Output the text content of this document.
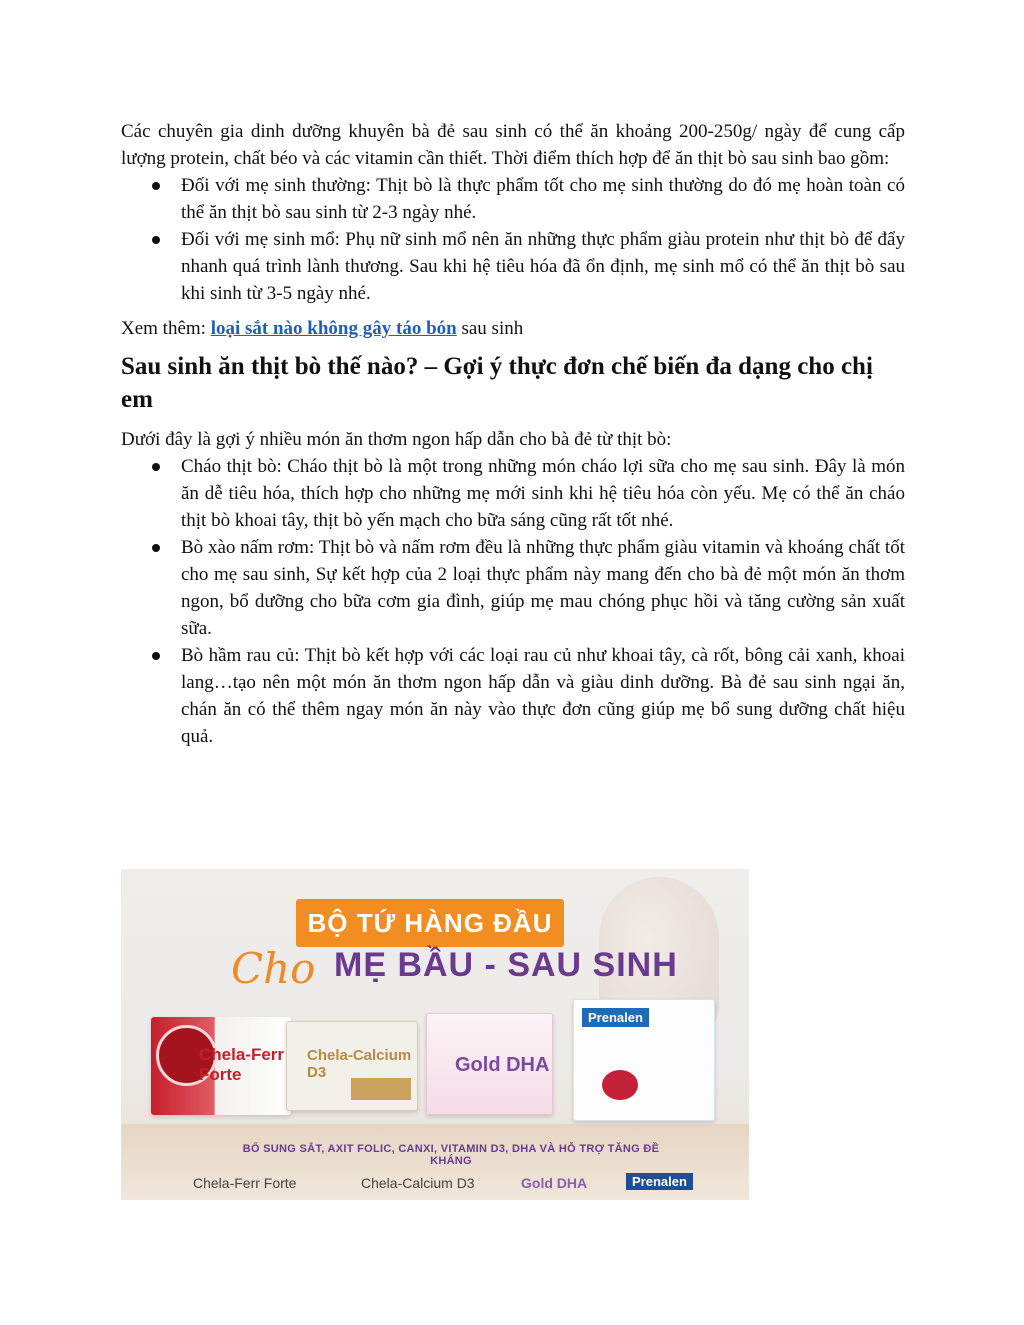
Các chuyên gia dinh dưỡng khuyên bà đẻ sau sinh có thể ăn khoảng 200-250g/ ngày để cung cấp lượng protein, chất béo và các vitamin cần thiết. Thời điểm thích hợp để ăn thịt bò sau sinh bao gồm:

Đối với mẹ sinh thường: Thịt bò là thực phẩm tốt cho mẹ sinh thường do đó mẹ hoàn toàn có thể ăn thịt bò sau sinh từ 2-3 ngày nhé.
Đối với mẹ sinh mổ: Phụ nữ sinh mổ nên ăn những thực phẩm giàu protein như thịt bò để đẩy nhanh quá trình lành thương. Sau khi hệ tiêu hóa đã ổn định, mẹ sinh mổ có thể ăn thịt bò sau khi sinh từ 3-5 ngày nhé.
Xem thêm: loại sắt nào không gây táo bón sau sinh
Sau sinh ăn thịt bò thế nào? – Gợi ý thực đơn chế biến đa dạng cho chị em

Dưới đây là gợi ý nhiều món ăn thơm ngon hấp dẫn cho bà đẻ từ thịt bò:

Cháo thịt bò: Cháo thịt bò là một trong những món cháo lợi sữa cho mẹ sau sinh. Đây là món ăn dễ tiêu hóa, thích hợp cho những mẹ mới sinh khi hệ tiêu hóa còn yếu. Mẹ có thể ăn cháo thịt bò khoai tây, thịt bò yến mạch cho bữa sáng cũng rất tốt nhé.
Bò xào nấm rơm: Thịt bò và nấm rơm đều là những thực phẩm giàu vitamin và khoáng chất tốt cho mẹ sau sinh, Sự kết hợp của 2 loại thực phẩm này mang đến cho bà đẻ một món ăn thơm ngon, bổ dưỡng cho bữa cơm gia đình, giúp mẹ mau chóng phục hồi và tăng cường sản xuất sữa.
Bò hầm rau củ: Thịt bò kết hợp với các loại rau củ như khoai tây, cà rốt, bông cải xanh, khoai lang…tạo nên một món ăn thơm ngon hấp dẫn và giàu dinh dưỡng. Bà đẻ sau sinh ngại ăn, chán ăn có thể thêm ngay món ăn này vào thực đơn cũng giúp mẹ bổ sung dưỡng chất hiệu quả.
BỘ TỨ HÀNG ĐẦU
Cho MẸ BẦU - SAU SINH
Chela-Ferr Forte
Chela-Calcium D3	Gold DHA
Prenalen
BỔ SUNG SẮT, AXIT FOLIC, CANXI, VITAMIN D3, DHA VÀ HỖ TRỢ TĂNG ĐỀ KHÁNG
Chela-Ferr Forte	Chela-Calcium D3	Gold DHA	Prenalen
